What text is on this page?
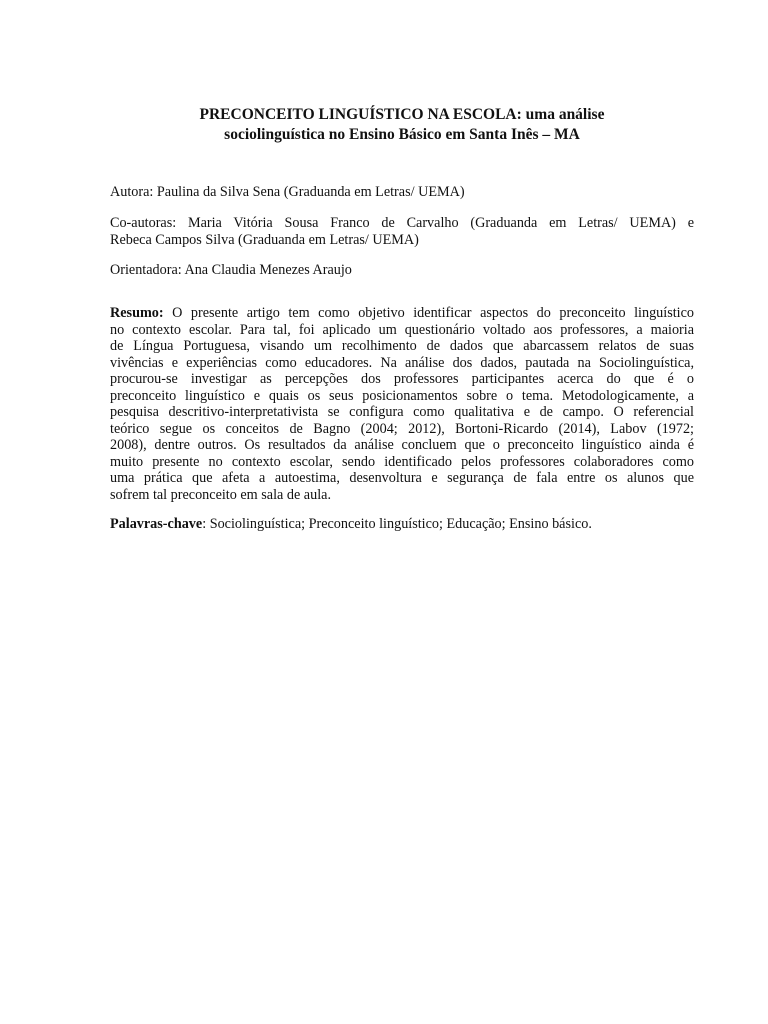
PRECONCEITO LINGUÍSTICO NA ESCOLA: uma análise
sociolinguística no Ensino Básico em Santa Inês – MA
Autora: Paulina da Silva Sena (Graduanda em Letras/ UEMA)
Co-autoras: Maria Vitória Sousa Franco de Carvalho (Graduanda em Letras/ UEMA) e
Rebeca Campos Silva (Graduanda em Letras/ UEMA)
Orientadora: Ana Claudia Menezes Araujo
Resumo: O presente artigo tem como objetivo identificar aspectos do preconceito linguístico
no contexto escolar. Para tal, foi aplicado um questionário voltado aos professores, a maioria
de Língua Portuguesa, visando um recolhimento de dados que abarcassem relatos de suas
vivências e experiências como educadores. Na análise dos dados, pautada na Sociolinguística,
procurou-se investigar as percepções dos professores participantes acerca do que é o
preconceito linguístico e quais os seus posicionamentos sobre o tema. Metodologicamente, a
pesquisa descritivo-interpretativista se configura como qualitativa e de campo. O referencial
teórico segue os conceitos de Bagno (2004; 2012), Bortoni-Ricardo (2014), Labov (1972;
2008), dentre outros. Os resultados da análise concluem que o preconceito linguístico ainda é
muito presente no contexto escolar, sendo identificado pelos professores colaboradores como
uma prática que afeta a autoestima, desenvoltura e segurança de fala entre os alunos que
sofrem tal preconceito em sala de aula.
Palavras-chave: Sociolinguística; Preconceito linguístico; Educação; Ensino básico.
